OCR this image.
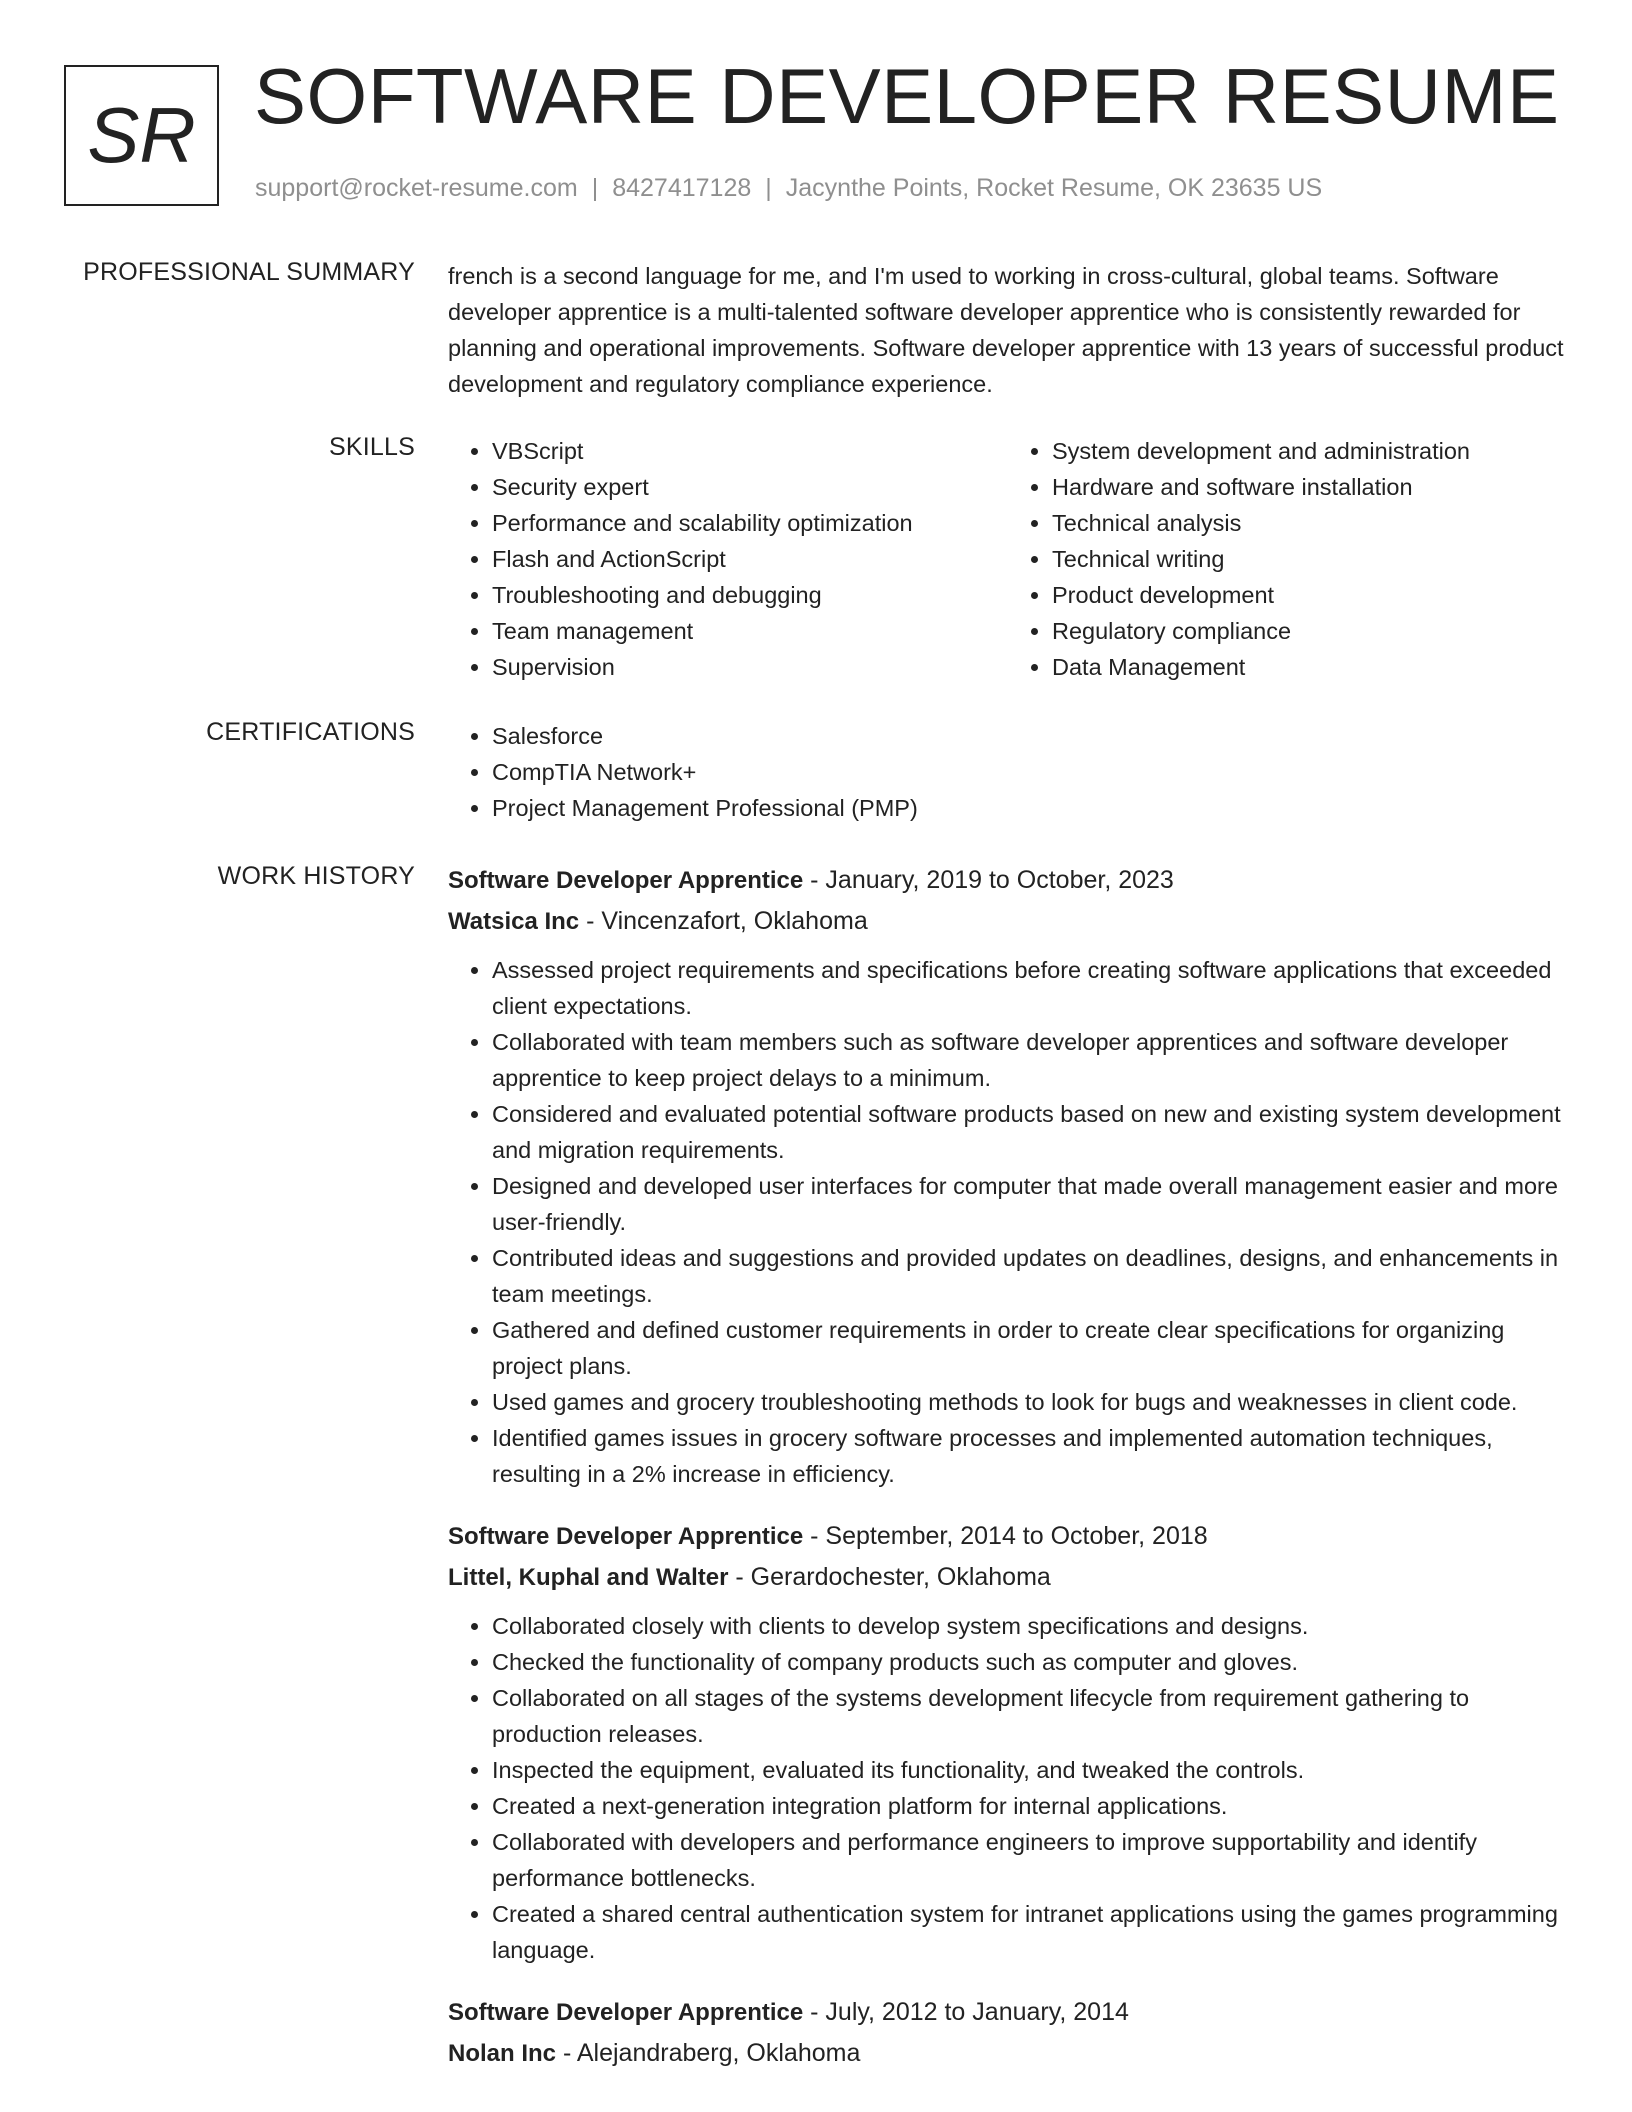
SR SOFTWARE DEVELOPER RESUME
support@rocket-resume.com | 8427417128 | Jacynthe Points, Rocket Resume, OK 23635 US
PROFESSIONAL SUMMARY french is a second language for me, and I'm used to working in cross-cultural, global teams. Software developer apprentice is a multi-talented software developer apprentice who is consistently rewarded for planning and operational improvements. Software developer apprentice with 13 years of successful product development and regulatory compliance experience.

SKILLS	• VBScript
• Security expert
• Performance and scalability optimization
• Flash and ActionScript
• Troubleshooting and debugging
• Team management
• Supervision
• System development and administration
• Hardware and software installation
• Technical analysis
• Technical writing
• Product development
• Regulatory compliance
• Data Management
CERTIFICATIONS	• Salesforce
• CompTIA Network+
• Project Management Professional (PMP)
WORK HISTORY Software Developer Apprentice - January, 2019 to October, 2023
Watsica Inc - Vincenzafort, Oklahoma
• Assessed project requirements and specifications before creating software applications that exceeded client expectations.
• Collaborated with team members such as software developer apprentices and software developer apprentice to keep project delays to a minimum.
• Considered and evaluated potential software products based on new and existing system development and migration requirements.
• Designed and developed user interfaces for computer that made overall management easier and more user-friendly.
• Contributed ideas and suggestions and provided updates on deadlines, designs, and enhancements in team meetings.
• Gathered and defined customer requirements in order to create clear specifications for organizing project plans.
• Used games and grocery troubleshooting methods to look for bugs and weaknesses in client code.
• Identified games issues in grocery software processes and implemented automation techniques, resulting in a 2% increase in efficiency.
Software Developer Apprentice - September, 2014 to October, 2018
Littel, Kuphal and Walter - Gerardochester, Oklahoma
• Collaborated closely with clients to develop system specifications and designs.
• Checked the functionality of company products such as computer and gloves.
• Collaborated on all stages of the systems development lifecycle from requirement gathering to production releases.
• Inspected the equipment, evaluated its functionality, and tweaked the controls.
• Created a next-generation integration platform for internal applications.
• Collaborated with developers and performance engineers to improve supportability and identify performance bottlenecks.
• Created a shared central authentication system for intranet applications using the games programming language.
Software Developer Apprentice - July, 2012 to January, 2014
Nolan Inc - Alejandraberg, Oklahoma
